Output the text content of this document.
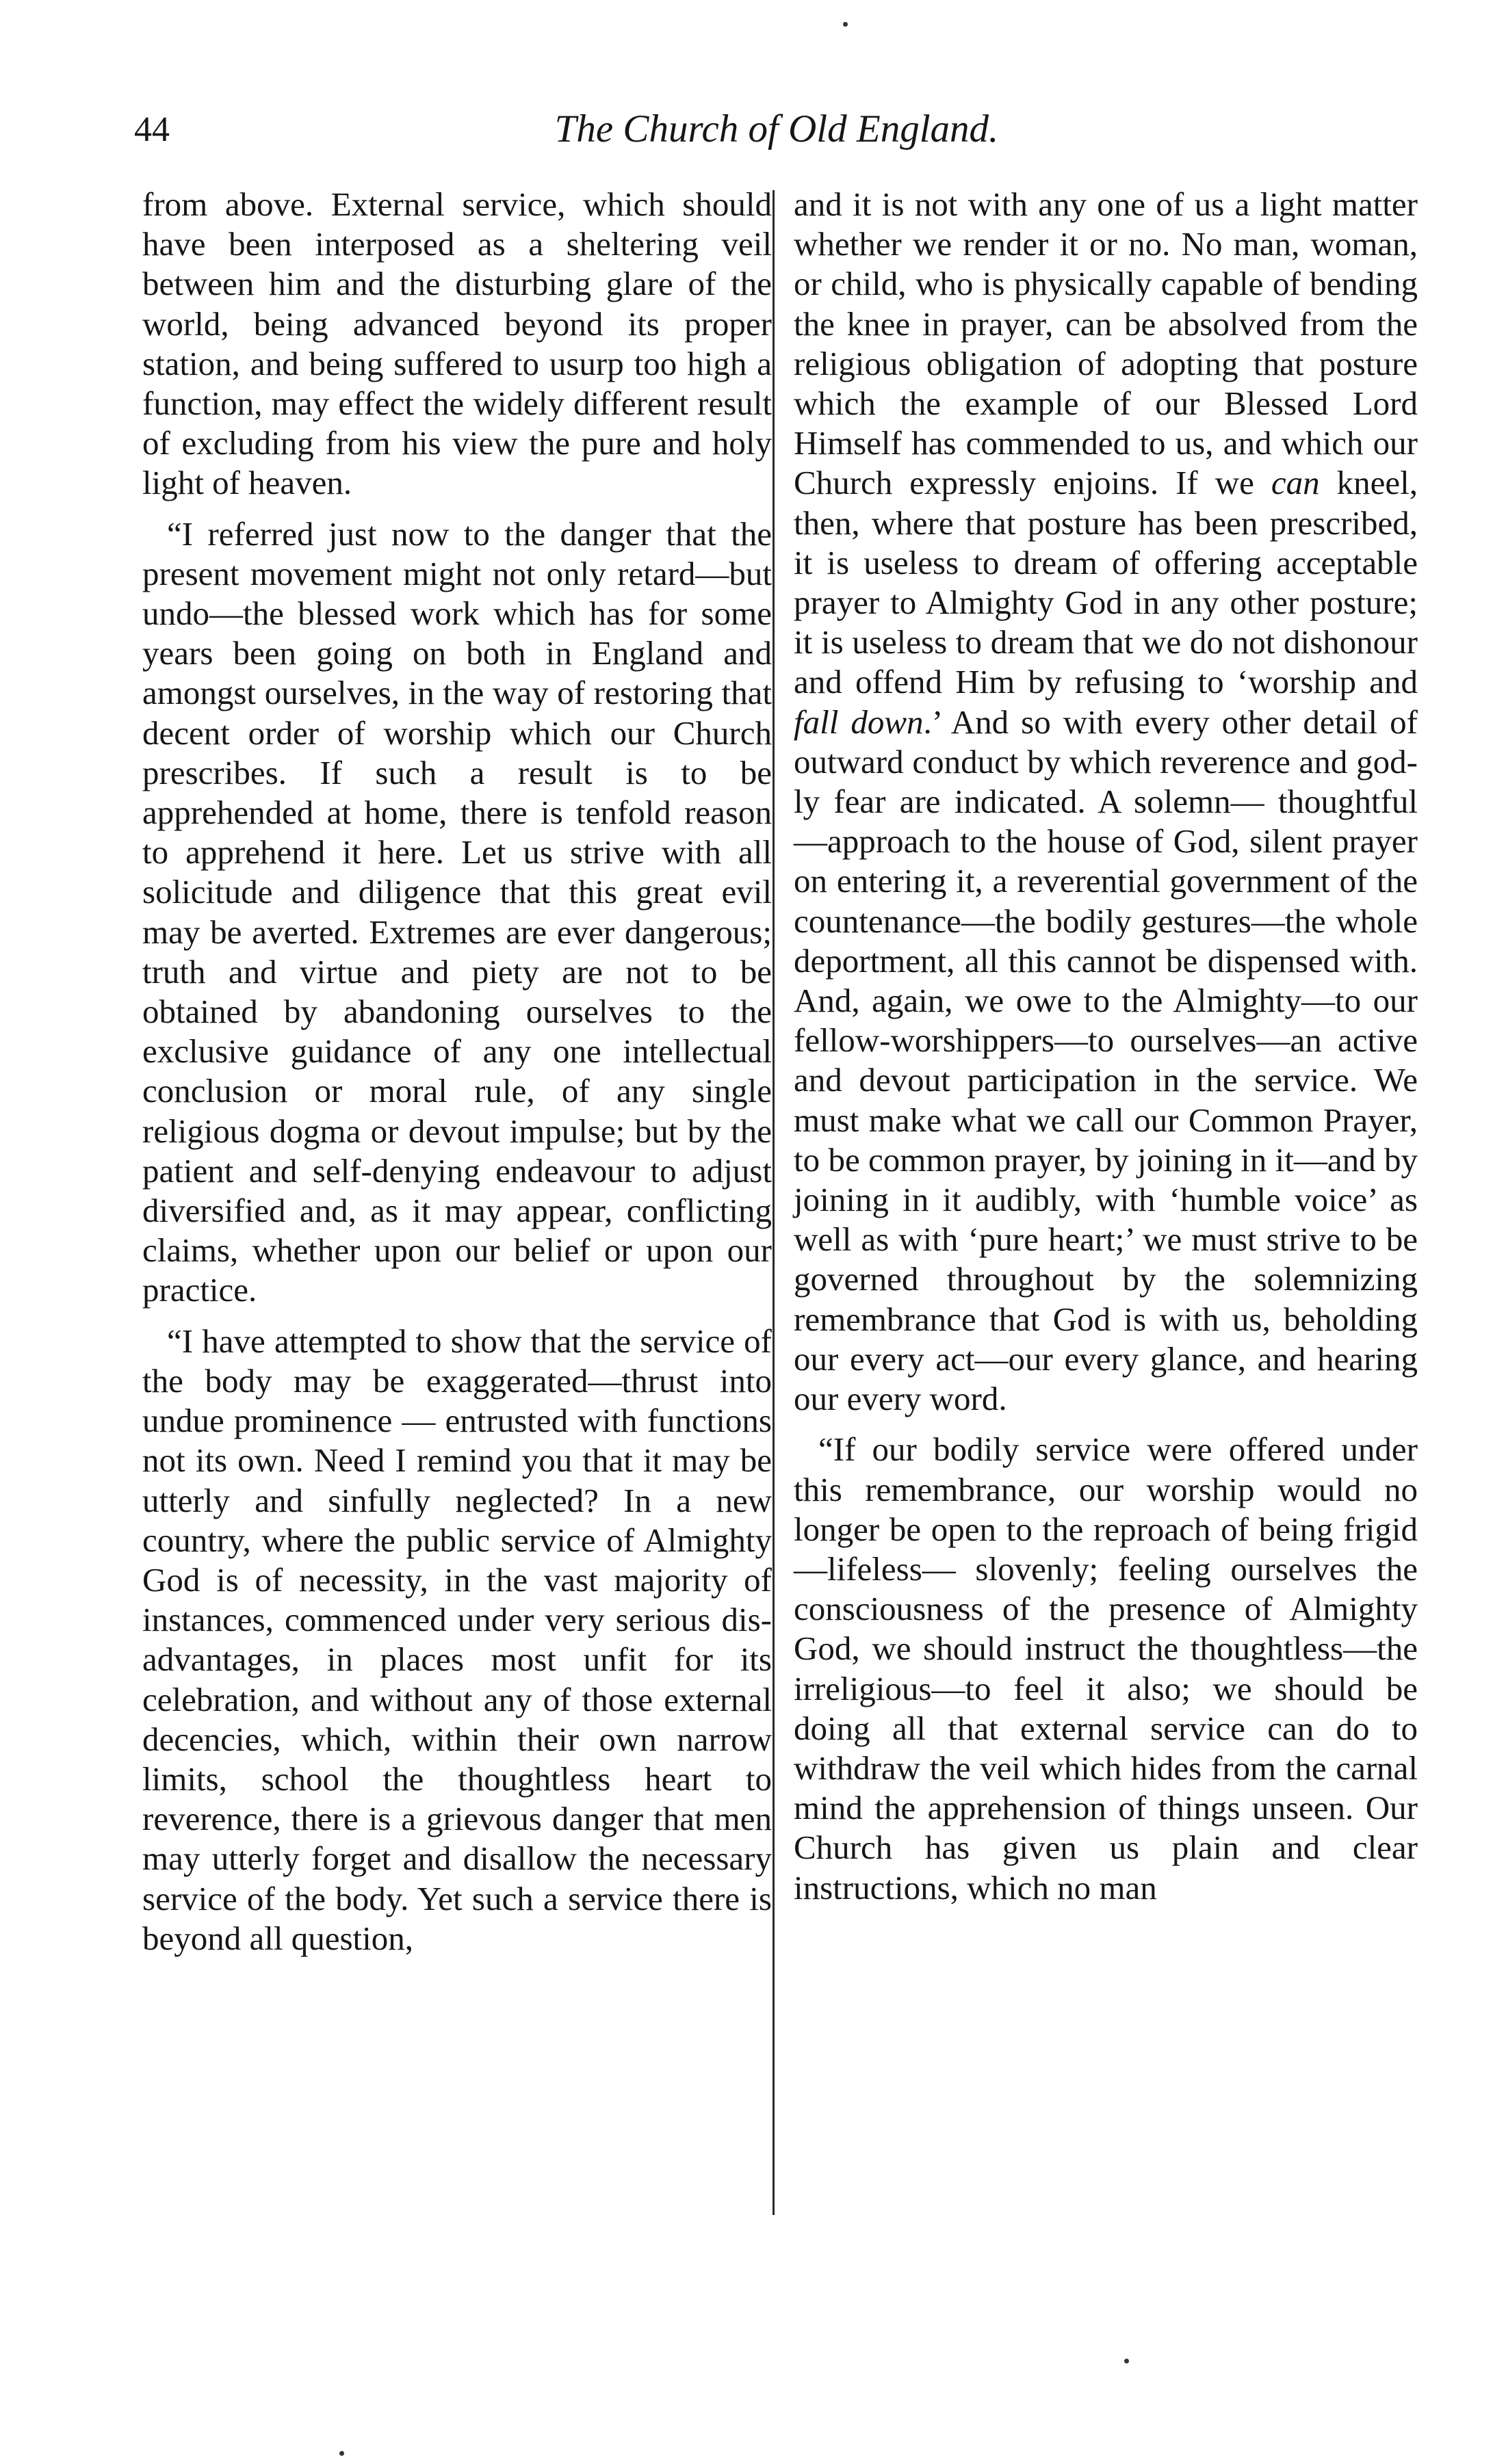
44	The Church of Old England.

from above. External service, which should have been interposed as a sheltering veil between him and the disturbing glare of the world, being advanced beyond its proper station, and being suffered to usurp too high a function, may effect the widely different result of excluding from his view the pure and holy light of heaven.

“I referred just now to the danger that the present movement might not only retard—but undo—the blessed work which has for some years been going on both in England and amongst ourselves, in the way of restoring that decent order of worship which our Church prescribes. If such a result is to be apprehended at home, there is tenfold reason to apprehend it here. Let us strive with all solicitude and diligence that this great evil may be averted. Extremes are ever dangerous; truth and virtue and piety are not to be obtained by abandoning ourselves to the exclusive guidance of any one intellectual conclusion or moral rule, of any single religious dogma or devout impulse; but by the patient and self-denying endeavour to adjust diversified and, as it may appear, conflicting claims, whether upon our belief or upon our practice.

“I have attempted to show that the service of the body may be exaggerated—thrust into undue prominence — entrusted with functions not its own. Need I remind you that it may be utterly and sinfully neglected? In a new country, where the public service of Almighty God is of necessity, in the vast majority of instances, commenced under very serious disadvantages, in places most unfit for its celebration, and without any of those external decencies, which, within their own narrow limits, school the thoughtless heart to reverence, there is a grievous danger that men may utterly forget and disallow the necessary service of the body. Yet such a service there is beyond all question,

and it is not with any one of us a light matter whether we render it or no. No man, woman, or child, who is physically capable of bending the knee in prayer, can be absolved from the religious obligation of adopting that posture which the example of our Blessed Lord Himself has commended to us, and which our Church expressly enjoins. If we can kneel, then, where that posture has been prescribed, it is useless to dream of offering acceptable prayer to Almighty God in any other posture; it is useless to dream that we do not dishonour and offend Him by refusing to ‘worship and fall down.’ And so with every other detail of outward conduct by which reverence and godly fear are indicated. A solemn— thoughtful—approach to the house of God, silent prayer on entering it, a reverential government of the countenance—the bodily gestures—the whole deportment, all this cannot be dispensed with. And, again, we owe to the Almighty—to our fellow-worshippers—to ourselves—an active and devout participation in the service. We must make what we call our Common Prayer, to be common prayer, by joining in it—and by joining in it audibly, with ‘humble voice’ as well as with ‘pure heart;’ we must strive to be governed throughout by the solemnizing remembrance that God is with us, beholding our every act—our every glance, and hearing our every word.

“If our bodily service were offered under this remembrance, our worship would no longer be open to the reproach of being frigid—lifeless— slovenly; feeling ourselves the consciousness of the presence of Almighty God, we should instruct the thoughtless—the irreligious—to feel it also; we should be doing all that external service can do to withdraw the veil which hides from the carnal mind the apprehension of things unseen. Our Church has given us plain and clear instructions, which no man
